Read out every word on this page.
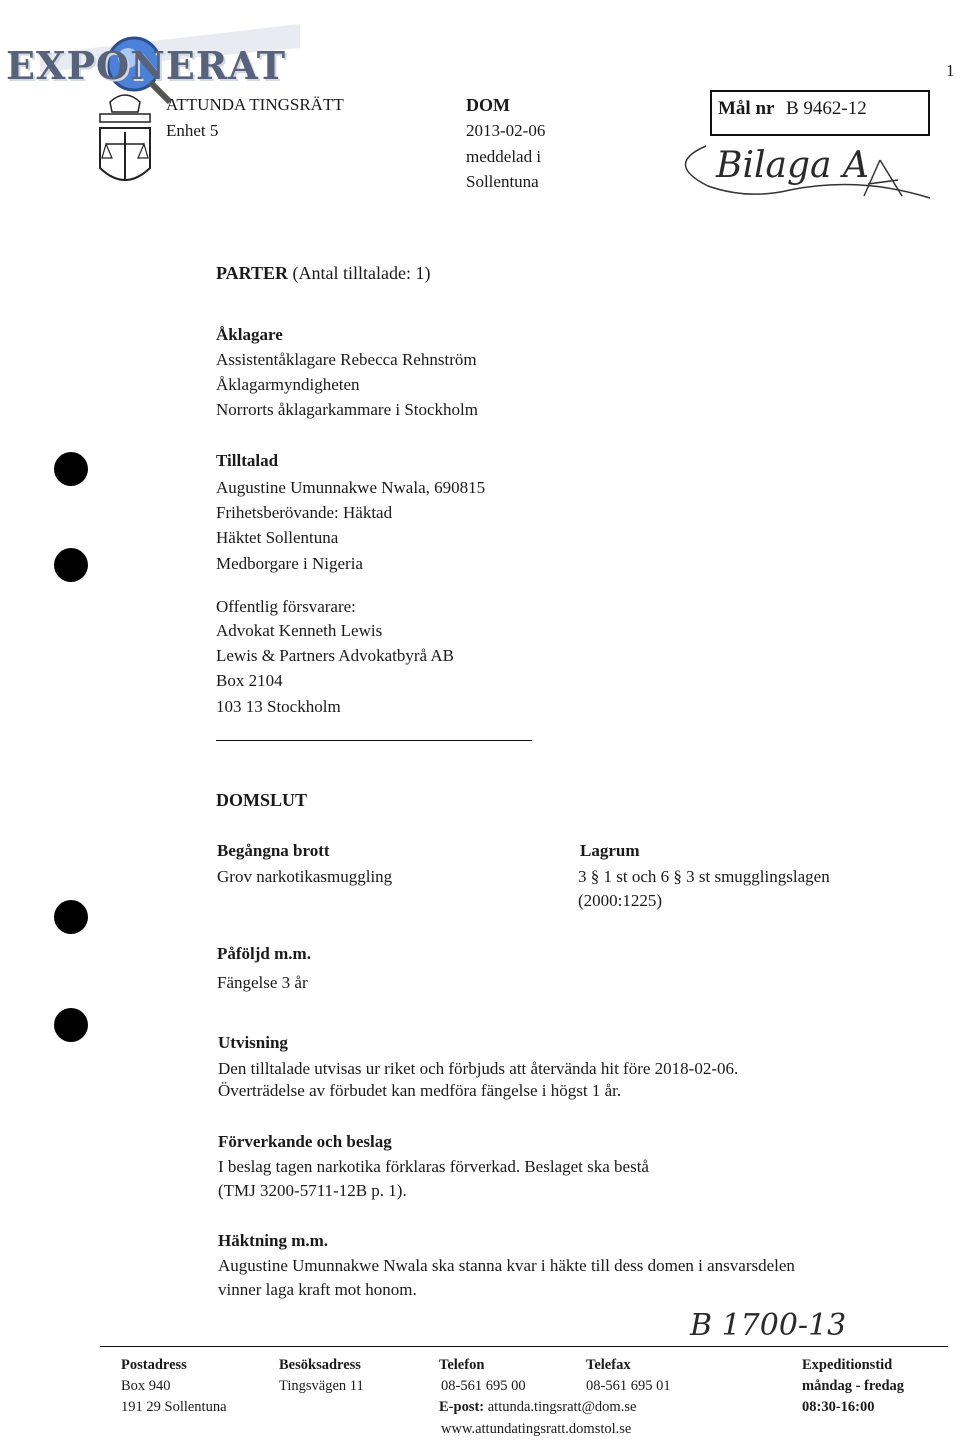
EXPONERAT	1
ATTUNDA TINGSRÄTT
Enhet 5
DOM
2013-02-06
meddelad i
Sollentuna
Mål nr B 9462-12
Bilaga A
PARTER (Antal tilltalade: 1)
Åklagare
Assistentåklagare Rebecca Rehnström
Åklagarmyndigheten
Norrorts åklagarkammare i Stockholm
Tilltalad
Augustine Umunnakwe Nwala, 690815
Frihetsberövande: Häktad
Häktet Sollentuna
Medborgare i Nigeria
Offentlig försvarare:
Advokat Kenneth Lewis
Lewis & Partners Advokatbyrå AB
Box 2104
103 13 Stockholm
DOMSLUT
Begångna brott
Grov narkotikasmuggling
Lagrum
3 § 1 st och 6 § 3 st smugglingslagen
(2000:1225)
Påföljd m.m.
Fängelse 3 år
Utvisning
Den tilltalade utvisas ur riket och förbjuds att återvända hit före 2018-02-06.
Överträdelse av förbudet kan medföra fängelse i högst 1 år.
Förverkande och beslag
I beslag tagen narkotika förklaras förverkad. Beslaget ska bestå
(TMJ 3200-5711-12B p. 1).
Häktning m.m.
Augustine Umunnakwe Nwala ska stanna kvar i häkte till dess domen i ansvarsdelen
vinner laga kraft mot honom.
B 1700-13
Postadress
Box 940
191 29 Sollentuna
Besöksadress
Tingsvägen 11
Telefon
08-561 695 00
Telefax
08-561 695 01
E-post: attunda.tingsratt@dom.se
www.attundatingsratt.domstol.se
Expeditionstid
måndag - fredag
08:30-16:00
